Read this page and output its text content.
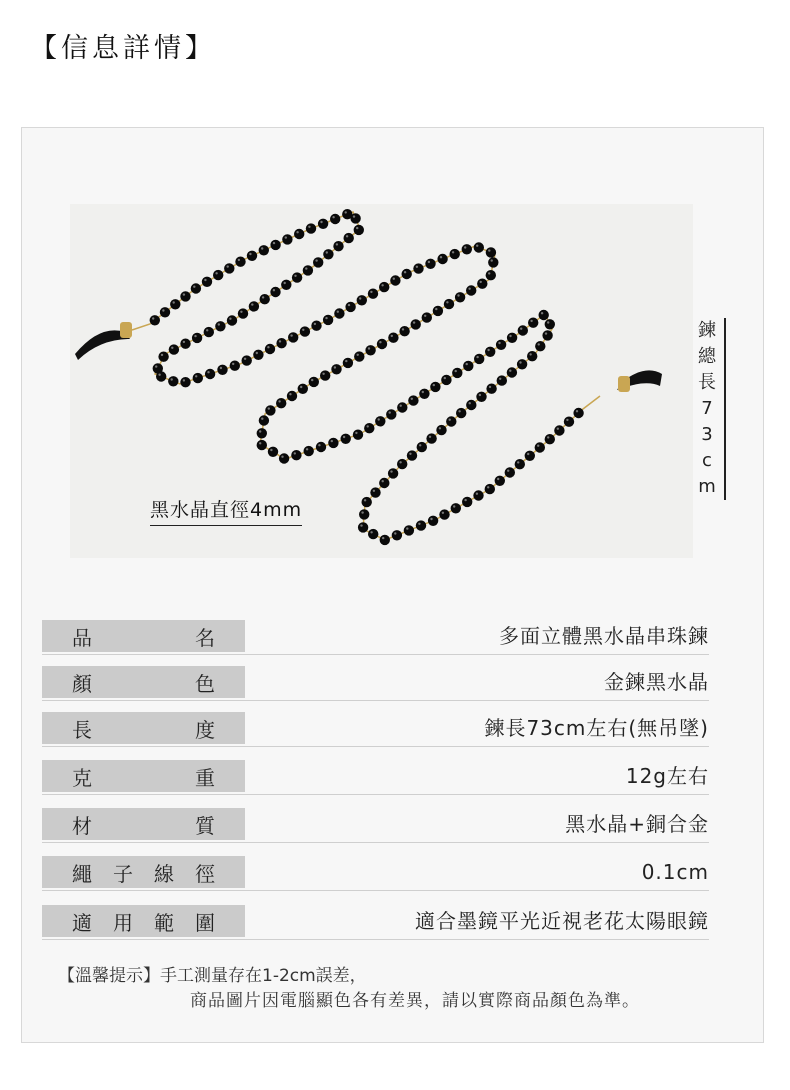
【信息詳情】
黑水晶直徑4mm
鍊
總
長
7
3
c
m
品	名	多面立體黑水晶串珠鍊
顏	色	金鍊黑水晶
長	度	鍊長73cm左右(無吊墜)
克	重	12g左右
材	質	黑水晶+銅合金
繩 子 線 徑	0.1cm
適 用 範 圍	適合墨鏡平光近視老花太陽眼鏡
【溫馨提示】手工測量存在1-2cm誤差，
商品圖片因電腦顯色各有差異，請以實際商品顏色為準。
